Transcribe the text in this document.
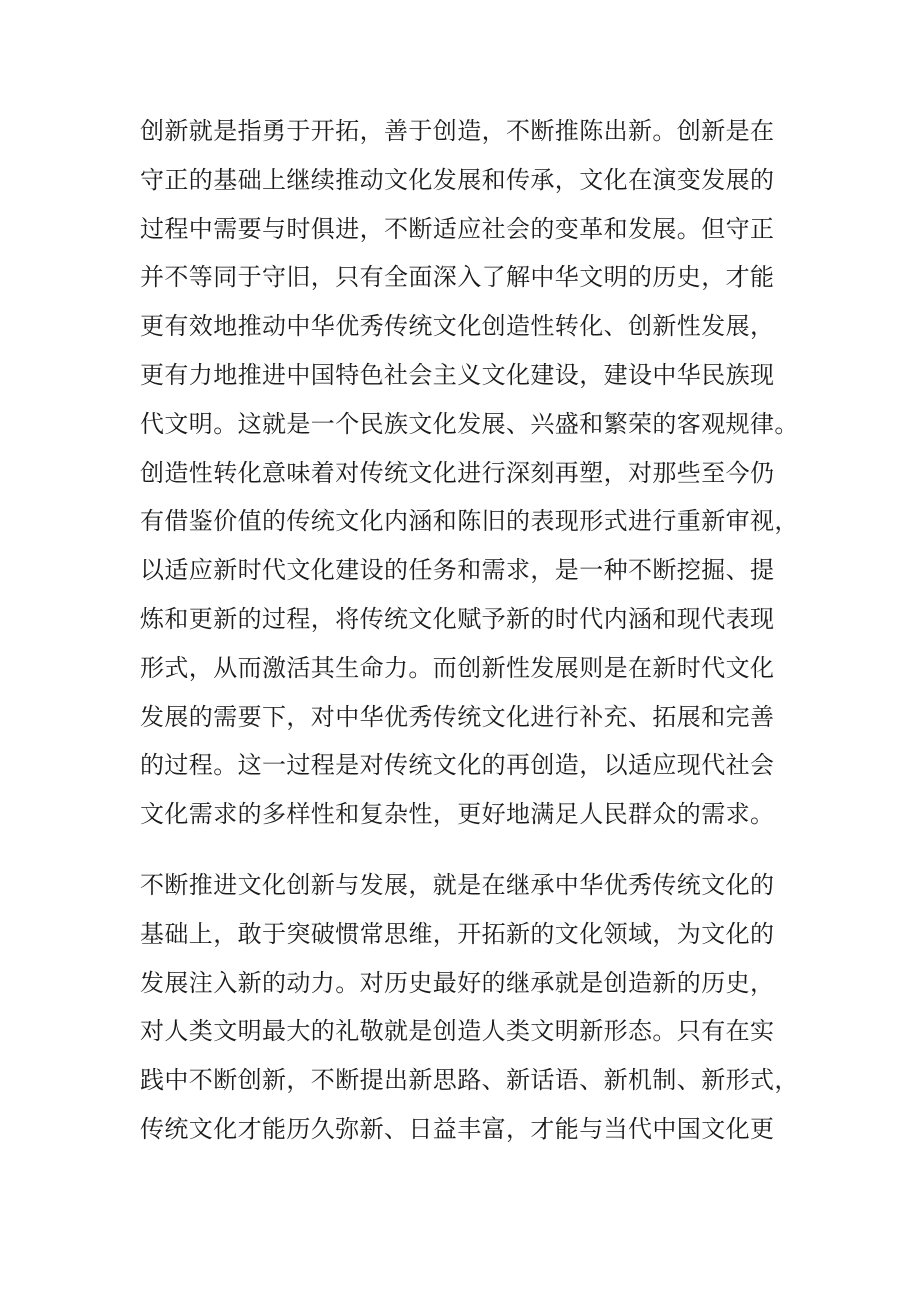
创新就是指勇于开拓，善于创造，不断推陈出新。创新是在
守正的基础上继续推动文化发展和传承，文化在演变发展的
过程中需要与时俱进，不断适应社会的变革和发展。但守正
并不等同于守旧，只有全面深入了解中华文明的历史，才能
更有效地推动中华优秀传统文化创造性转化、创新性发展，
更有力地推进中国特色社会主义文化建设，建设中华民族现
代文明。这就是一个民族文化发展、兴盛和繁荣的客观规律。
创造性转化意味着对传统文化进行深刻再塑，对那些至今仍
有借鉴价值的传统文化内涵和陈旧的表现形式进行重新审视，
以适应新时代文化建设的任务和需求，是一种不断挖掘、提
炼和更新的过程，将传统文化赋予新的时代内涵和现代表现
形式，从而激活其生命力。而创新性发展则是在新时代文化
发展的需要下，对中华优秀传统文化进行补充、拓展和完善
的过程。这一过程是对传统文化的再创造，以适应现代社会
文化需求的多样性和复杂性，更好地满足人民群众的需求。
不断推进文化创新与发展，就是在继承中华优秀传统文化的
基础上，敢于突破惯常思维，开拓新的文化领域，为文化的
发展注入新的动力。对历史最好的继承就是创造新的历史，
对人类文明最大的礼敬就是创造人类文明新形态。只有在实
践中不断创新，不断提出新思路、新话语、新机制、新形式，
传统文化才能历久弥新、日益丰富，才能与当代中国文化更
